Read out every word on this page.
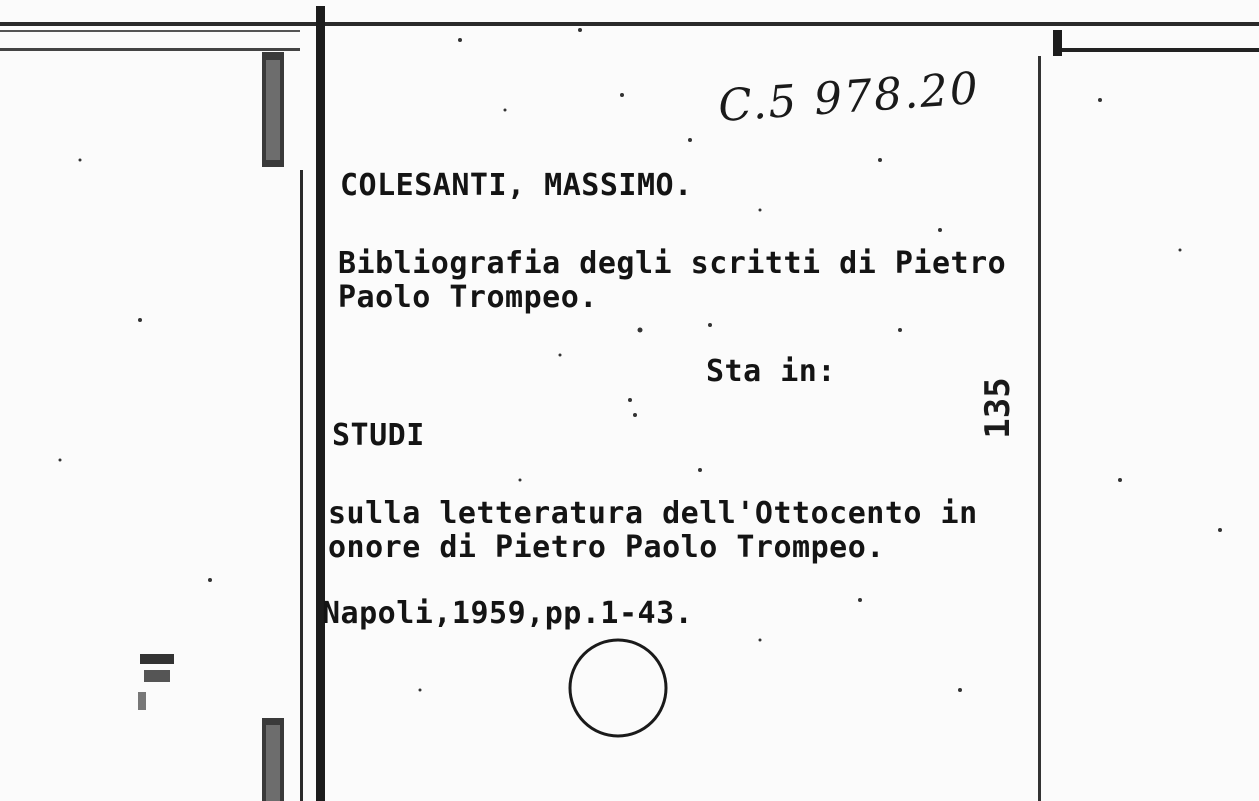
C.5 978.20
COLESANTI, MASSIMO.
Bibliografia degli scritti di Pietro
Paolo Trompeo.
Sta in:
STUDI
sulla letteratura dell'Ottocento in
onore di Pietro Paolo Trompeo.
Napoli,1959,pp.1-43.
135
